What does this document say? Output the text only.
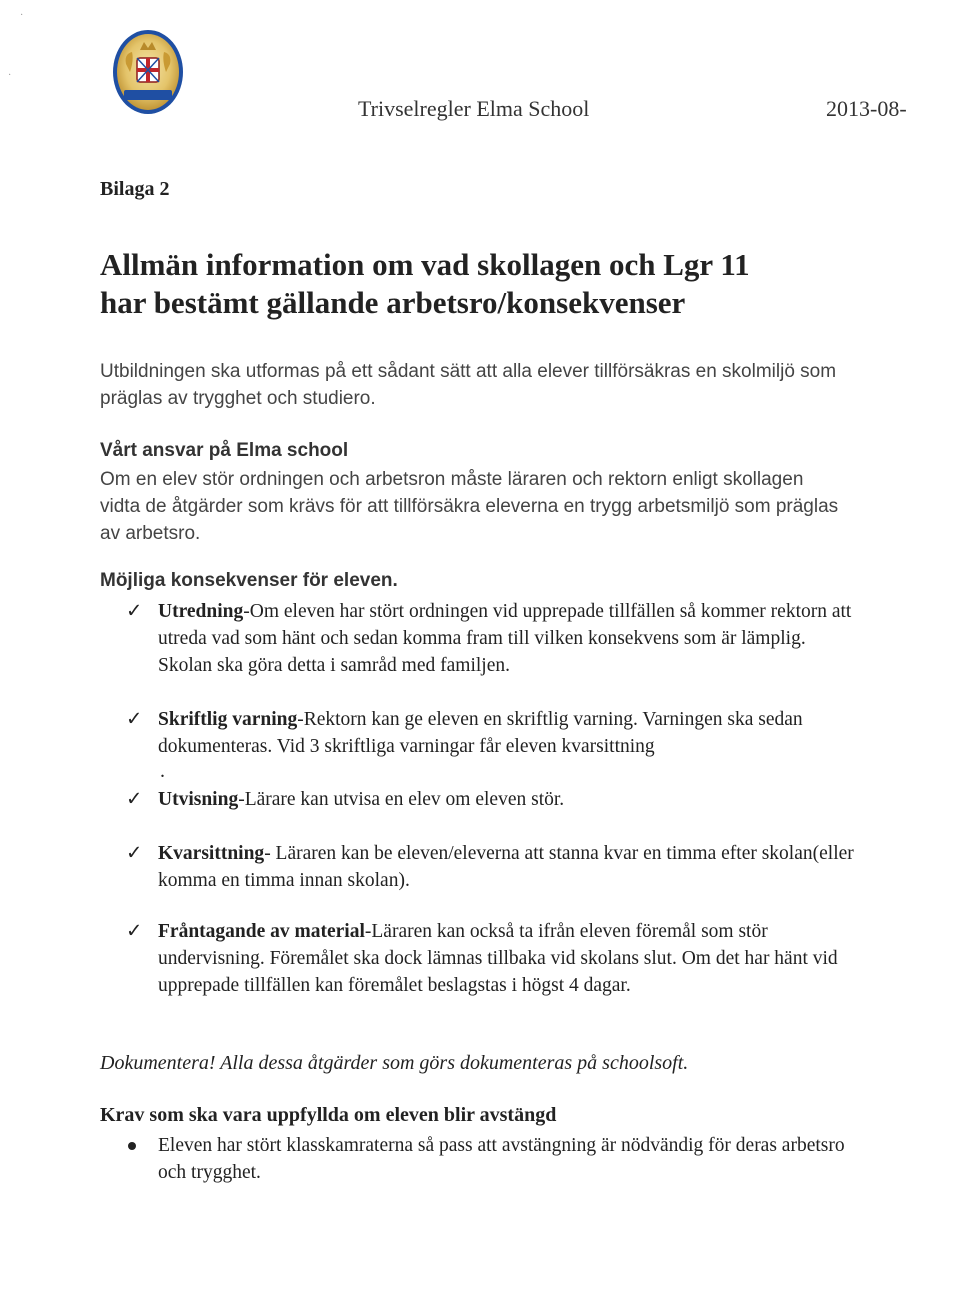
Trivselregler Elma School	2013-08-
Bilaga 2
Allmän information om vad skollagen och Lgr 11
har bestämt gällande arbetsro/konsekvenser
Utbildningen ska utformas på ett sådant sätt att alla elever tillförsäkras en skolmiljö som präglas av trygghet och studiero.
Vårt ansvar på Elma school
Om en elev stör ordningen och arbetsron måste läraren och rektorn enligt skollagen vidta de åtgärder som krävs för att tillförsäkra eleverna en trygg arbetsmiljö som präglas av arbetsro.
Möjliga konsekvenser för eleven.
✓ Utredning-Om eleven har stört ordningen vid upprepade tillfällen så kommer rektorn att utreda vad som hänt och sedan komma fram till vilken konsekvens som är lämplig. Skolan ska göra detta i samråd med familjen.
✓ Skriftlig varning-Rektorn kan ge eleven en skriftlig varning. Varningen ska sedan dokumenteras. Vid 3 skriftliga varningar får eleven kvarsittning
.
✓ Utvisning-Lärare kan utvisa en elev om eleven stör.
✓ Kvarsittning- Läraren kan be eleven/eleverna att stanna kvar en timma efter skolan(eller komma en timma innan skolan).
✓ Fråntagande av material-Läraren kan också ta ifrån eleven föremål som stör undervisning. Föremålet ska dock lämnas tillbaka vid skolans slut. Om det har hänt vid upprepade tillfällen kan föremålet beslagstas i högst 4 dagar.
Dokumentera! Alla dessa åtgärder som görs dokumenteras på schoolsoft.
Krav som ska vara uppfyllda om eleven blir avstängd
Eleven har stört klasskamraterna så pass att avstängning är nödvändig för deras arbetsro och trygghet.
·
·
